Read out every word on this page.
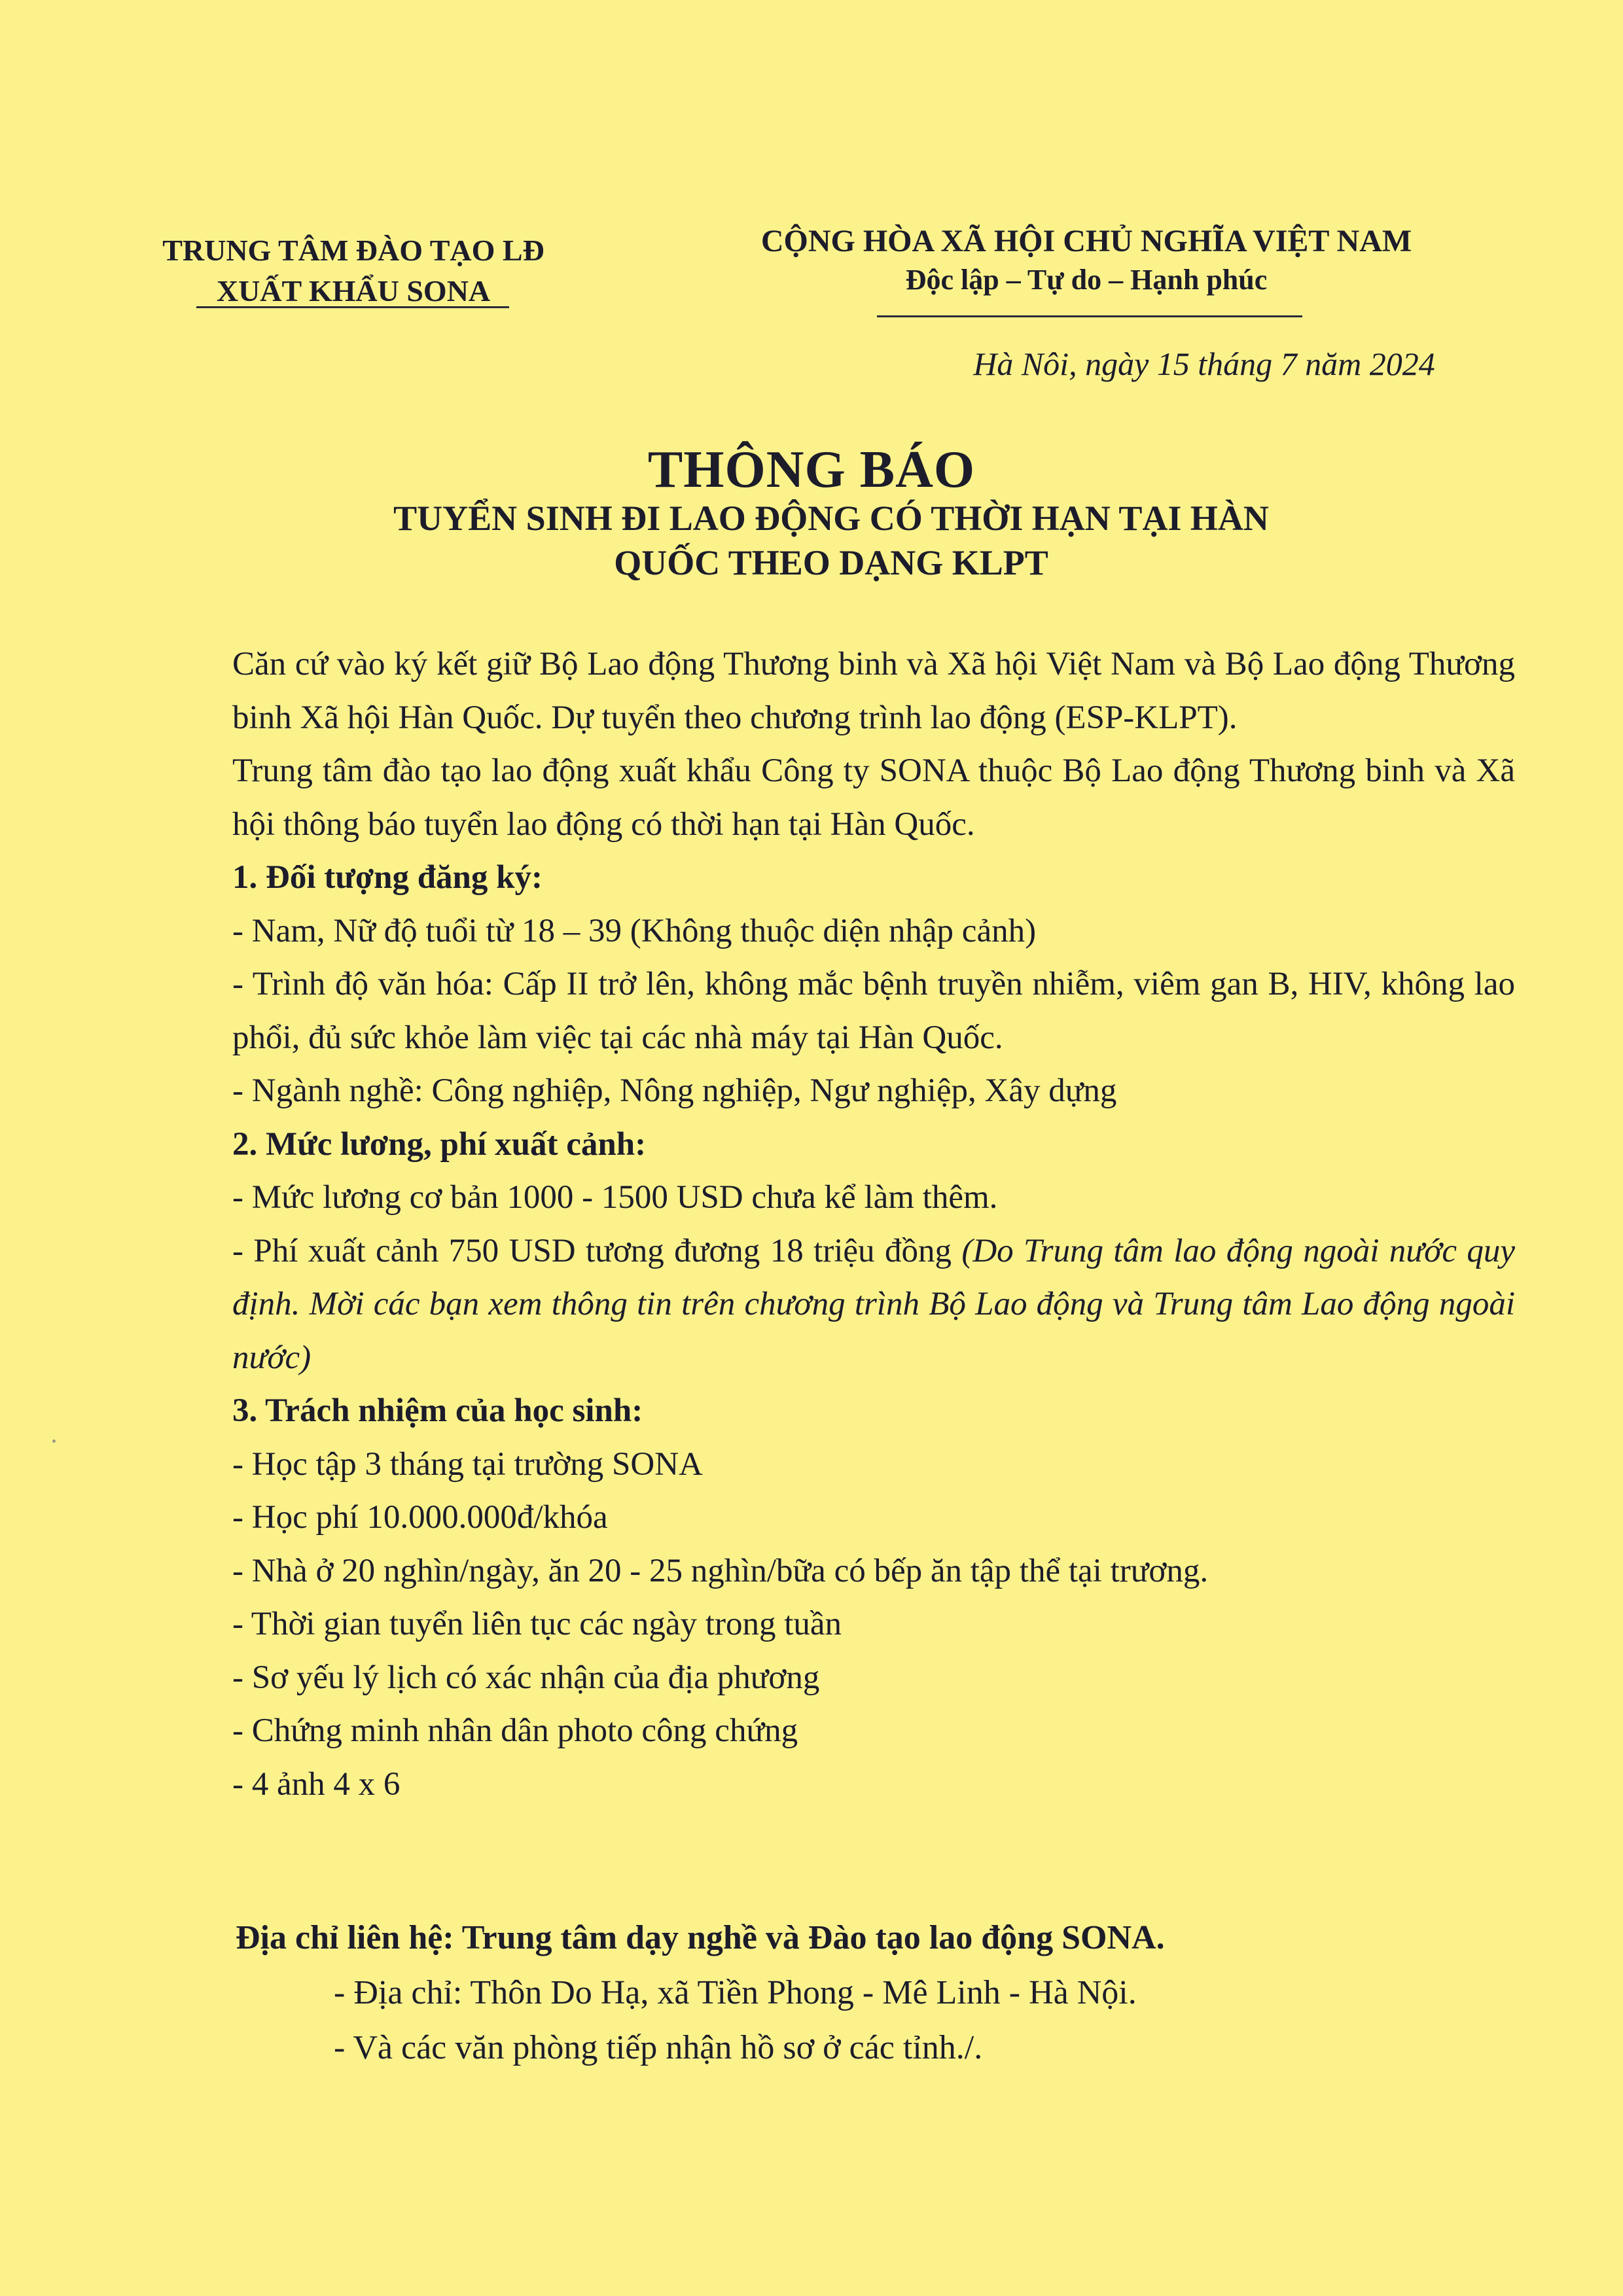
TRUNG TÂM ĐÀO TẠO LĐ
XUẤT KHẨU SONA
CỘNG HÒA XÃ HỘI CHỦ NGHĨA VIỆT NAM
Độc lập – Tự do – Hạnh phúc
Hà Nôi, ngày 15 tháng 7 năm 2024
THÔNG BÁO
TUYỂN SINH ĐI LAO ĐỘNG CÓ THỜI HẠN TẠI HÀN
QUỐC THEO DẠNG KLPT

Căn cứ vào ký kết giữ Bộ Lao động Thương binh và Xã hội Việt Nam và Bộ Lao động Thương binh Xã hội Hàn Quốc. Dự tuyển theo chương trình lao động (ESP-KLPT).

Trung tâm đào tạo lao động xuất khẩu Công ty SONA thuộc Bộ Lao động Thương binh và Xã hội thông báo tuyển lao động có thời hạn tại Hàn Quốc.

1. Đối tượng đăng ký:

- Nam, Nữ độ tuổi từ 18 – 39 (Không thuộc diện nhập cảnh)

- Trình độ văn hóa: Cấp II trở lên, không mắc bệnh truyền nhiễm, viêm gan B, HIV, không lao phổi, đủ sức khỏe làm việc tại các nhà máy tại Hàn Quốc.

- Ngành nghề: Công nghiệp, Nông nghiệp, Ngư nghiệp, Xây dựng

2. Mức lương, phí xuất cảnh:

- Mức lương cơ bản 1000 - 1500 USD chưa kể làm thêm.

- Phí xuất cảnh 750 USD tương đương 18 triệu đồng (Do Trung tâm lao động ngoài nước quy định. Mời các bạn xem thông tin trên chương trình Bộ Lao động và Trung tâm Lao động ngoài nước)

3. Trách nhiệm của học sinh:

- Học tập 3 tháng tại trường SONA

- Học phí 10.000.000đ/khóa

- Nhà ở 20 nghìn/ngày, ăn 20 - 25 nghìn/bữa có bếp ăn tập thể tại trương.

- Thời gian tuyển liên tục các ngày trong tuần

- Sơ yếu lý lịch có xác nhận của địa phương

- Chứng minh nhân dân photo công chứng

- 4 ảnh 4 x 6

Địa chỉ liên hệ: Trung tâm dạy nghề và Đào tạo lao động SONA.

- Địa chỉ: Thôn Do Hạ, xã Tiền Phong - Mê Linh - Hà Nội.

- Và các văn phòng tiếp nhận hồ sơ ở các tỉnh./.
